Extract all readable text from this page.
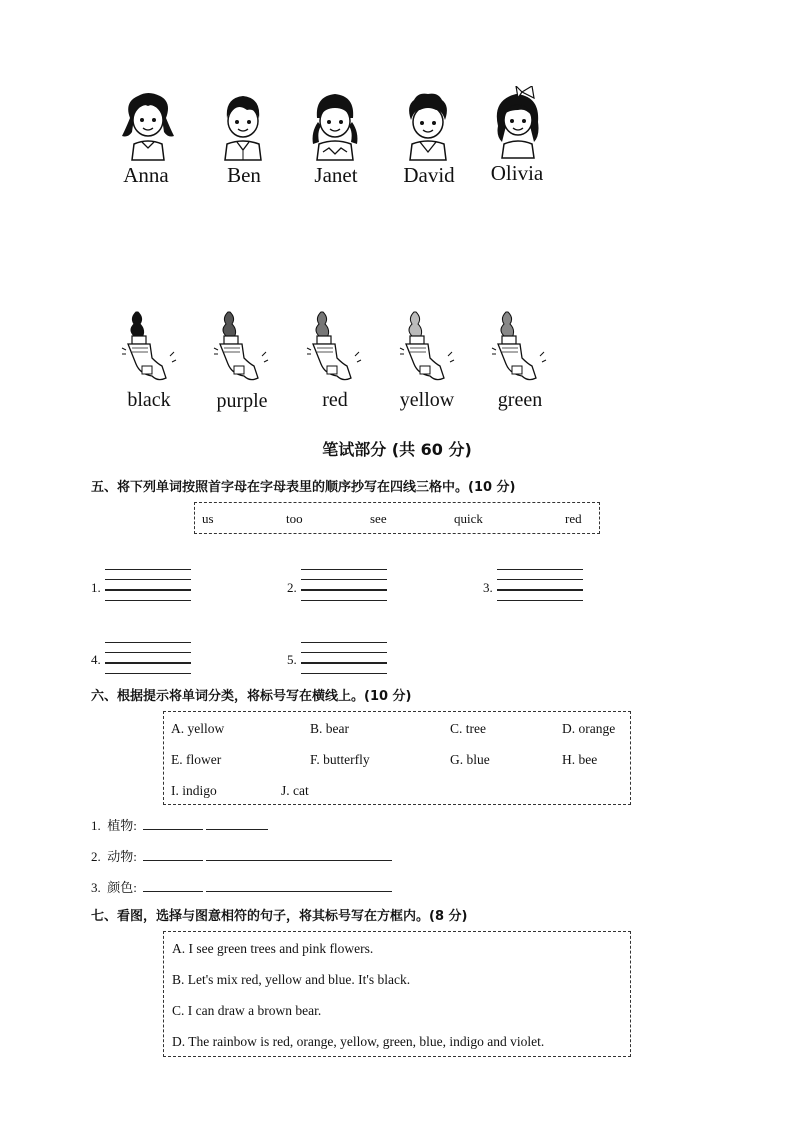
Anna	Ben	Janet	David	Olivia
black	purple	red	yellow	green
笔试部分 (共 60 分)
五、将下列单词按照首字母在字母表里的顺序抄写在四线三格中。(10 分)
us	too	see	quick	red
1.	2.	3.
4.	5.
六、根据提示将单词分类，将标号写在横线上。(10 分)
A. yellow	B. bear	C. tree	D. orange
E. flower	F. butterfly	G. blue	H. bee
I. indigo	J. cat
1. 植物:
2. 动物:
3. 颜色:
七、看图，选择与图意相符的句子，将其标号写在方框内。(8 分)
A. I see green trees and pink flowers.
B. Let's mix red, yellow and blue. It's black.
C. I can draw a brown bear.
D. The rainbow is red, orange, yellow, green, blue, indigo and violet.
